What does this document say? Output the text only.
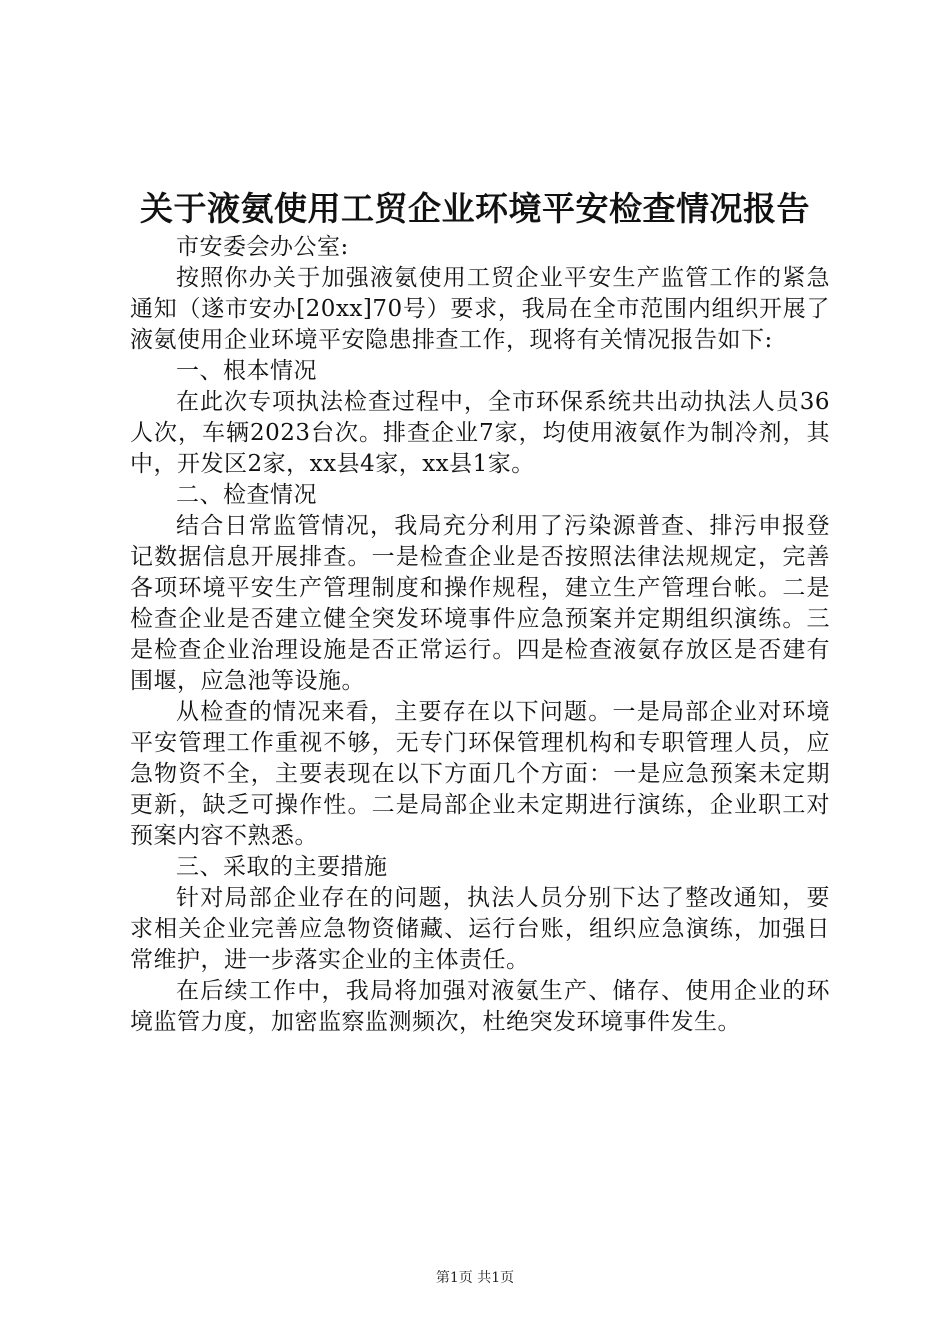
关于液氨使用工贸企业环境平安检查情况报告

市安委会办公室:

按照你办关于加强液氨使用工贸企业平安生产监管工作的紧急通知（遂市安办[20xx]70号）要求，我局在全市范围内组织开展了液氨使用企业环境平安隐患排查工作，现将有关情况报告如下:

一、根本情况

在此次专项执法检查过程中，全市环保系统共出动执法人员36人次，车辆2023台次。排查企业7家，均使用液氨作为制冷剂，其中，开发区2家，xx县4家，xx县1家。

二、检查情况

结合日常监管情况，我局充分利用了污染源普查、排污申报登记数据信息开展排查。一是检查企业是否按照法律法规规定，完善各项环境平安生产管理制度和操作规程，建立生产管理台帐。二是检查企业是否建立健全突发环境事件应急预案并定期组织演练。三是检查企业治理设施是否正常运行。四是检查液氨存放区是否建有围堰，应急池等设施。

从检查的情况来看，主要存在以下问题。一是局部企业对环境平安管理工作重视不够，无专门环保管理机构和专职管理人员，应急物资不全，主要表现在以下方面几个方面：一是应急预案未定期更新，缺乏可操作性。二是局部企业未定期进行演练，企业职工对预案内容不熟悉。

三、采取的主要措施

针对局部企业存在的问题，执法人员分别下达了整改通知，要求相关企业完善应急物资储藏、运行台账，组织应急演练，加强日常维护，进一步落实企业的主体责任。

在后续工作中，我局将加强对液氨生产、储存、使用企业的环境监管力度，加密监察监测频次，杜绝突发环境事件发生。

第1页 共1页
